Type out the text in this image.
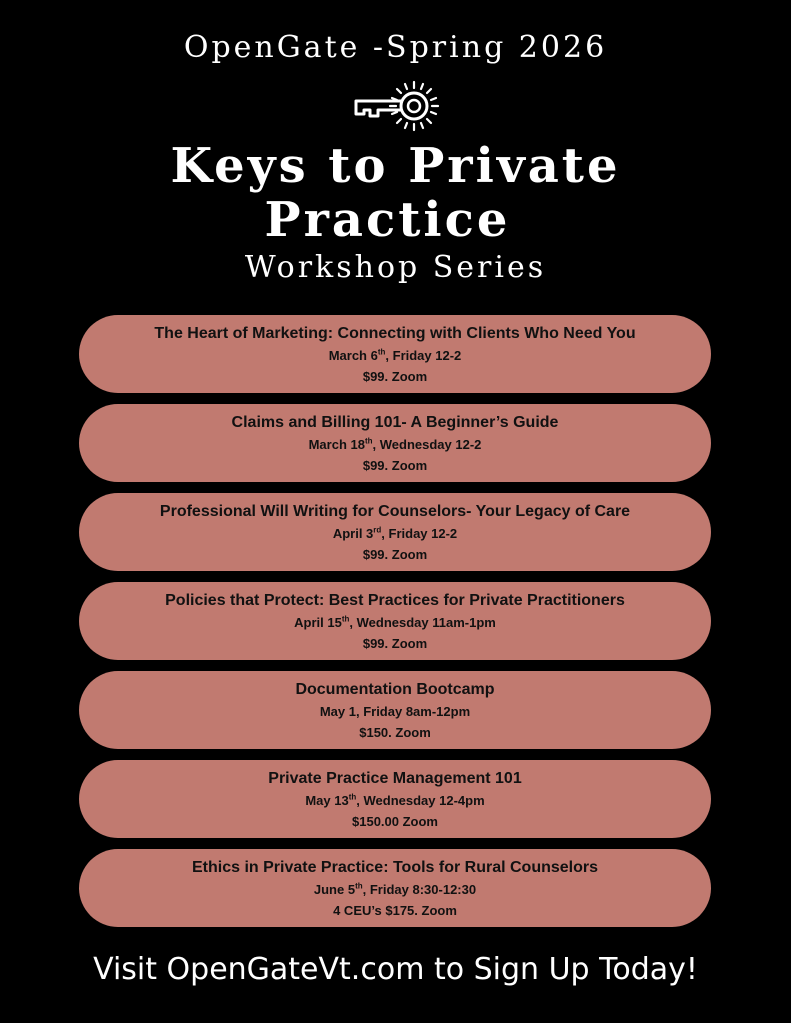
OpenGate -Spring 2026
Keys to Private
Practice
Workshop Series
The Heart of Marketing: Connecting with Clients Who Need You
March 6th, Friday 12-2
$99. Zoom
Claims and Billing 101- A Beginner’s Guide
March 18th, Wednesday 12-2
$99. Zoom
Professional Will Writing for Counselors- Your Legacy of Care
April 3rd, Friday 12-2
$99. Zoom
Policies that Protect: Best Practices for Private Practitioners
April 15th, Wednesday 11am-1pm
$99. Zoom
Documentation Bootcamp
May 1, Friday 8am-12pm
$150. Zoom
Private Practice Management 101
May 13th, Wednesday 12-4pm
$150.00 Zoom
Ethics in Private Practice: Tools for Rural Counselors
June 5th, Friday 8:30-12:30
4 CEU’s $175. Zoom
Visit OpenGateVt.com to Sign Up Today!
